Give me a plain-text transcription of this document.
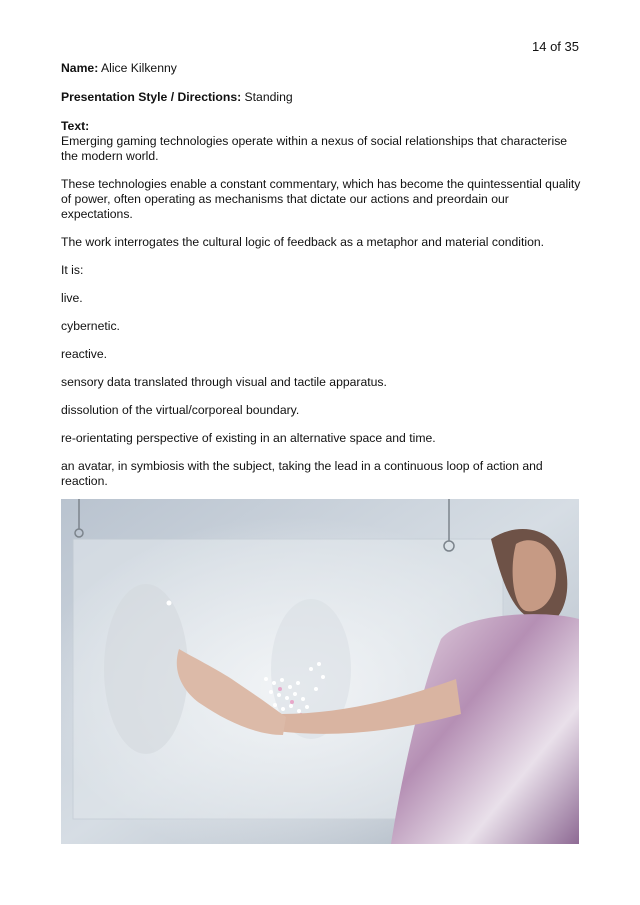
14 of 35
Name: Alice Kilkenny
Presentation Style / Directions: Standing
Text:

Emerging gaming technologies operate within a nexus of social relationships that characterise the modern world.

These technologies enable a constant commentary, which has become the quintessential quality of power, often operating as mechanisms that dictate our actions and preordain our expectations.

The work interrogates the cultural logic of feedback as a metaphor and material condition.

It is:

live.

cybernetic.

reactive.

sensory data translated through visual and tactile apparatus.

dissolution of the virtual/corporeal boundary.

re-orientating perspective of existing in an alternative space and time.

an avatar, in symbiosis with the subject, taking the lead in a continuous loop of action and reaction.
